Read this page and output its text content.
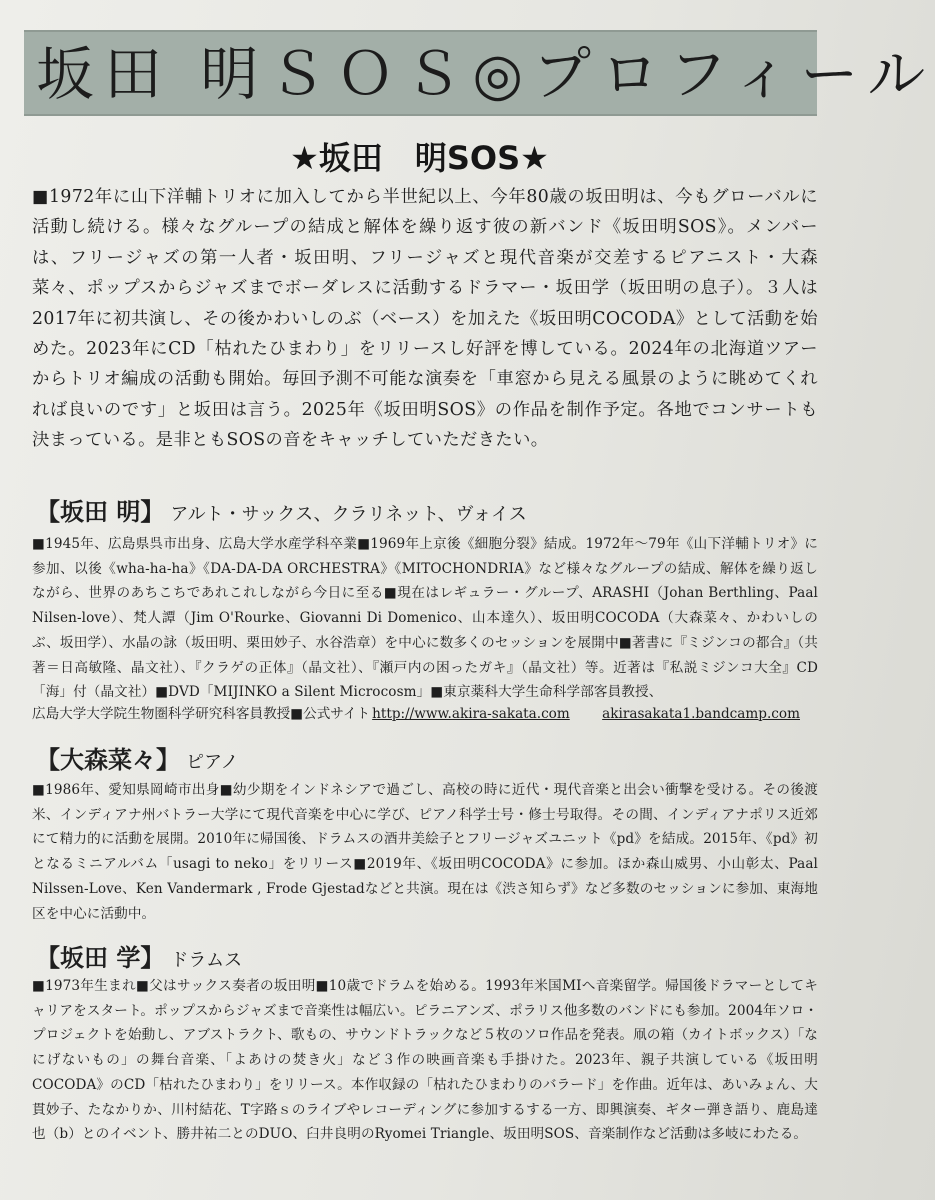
坂田 明ＳＯＳ◎プロフィール
★坂田　明SOS★

■1972年に山下洋輔トリオに加入してから半世紀以上、今年80歳の坂田明は、今もグローバルに活動し続ける。様々なグループの結成と解体を繰り返す彼の新バンド《坂田明SOS》。メンバーは、フリージャズの第一人者・坂田明、フリージャズと現代音楽が交差するピアニスト・大森菜々、ポップスからジャズまでボーダレスに活動するドラマー・坂田学（坂田明の息子）。３人は2017年に初共演し、その後かわいしのぶ（ベース）を加えた《坂田明COCODA》として活動を始めた。2023年にCD「枯れたひまわり」をリリースし好評を博している。2024年の北海道ツアーからトリオ編成の活動も開始。毎回予測不可能な演奏を「車窓から見える風景のように眺めてくれれば良いのです」と坂田は言う。2025年《坂田明SOS》の作品を制作予定。各地でコンサートも決まっている。是非ともSOSの音をキャッチしていただきたい。

【坂田 明】 アルト・サックス、クラリネット、ヴォイス

■1945年、広島県呉市出身、広島大学水産学科卒業■1969年上京後《細胞分裂》結成。1972年～79年《山下洋輔トリオ》に参加、以後《wha-ha-ha》《DA-DA-DA ORCHESTRA》《MITOCHONDRIA》など様々なグループの結成、解体を繰り返しながら、世界のあちこちであれこれしながら今日に至る■現在はレギュラー・グループ、ARASHI（Johan Berthling、Paal Nilsen-love）、梵人譚（Jim O'Rourke、Giovanni Di Domenico、山本達久）、坂田明COCODA（大森菜々、かわいしのぶ、坂田学）、水晶の詠（坂田明、栗田妙子、水谷浩章）を中心に数多くのセッションを展開中■著書に『ミジンコの都合』（共著＝日高敏隆、晶文社）、『クラゲの正体』（晶文社）、『瀬戸内の困ったガキ』（晶文社）等。近著は『私説ミジンコ大全』CD「海」付（晶文社）■DVD「MIJINKO a Silent Microcosm」■東京薬科大学生命科学部客員教授、

広島大学大学院生物圏科学研究科客員教授■公式サイト http://www.akira-sakata.com akirasakata1.bandcamp.com
【大森菜々】 ピアノ

■1986年、愛知県岡崎市出身■幼少期をインドネシアで過ごし、高校の時に近代・現代音楽と出会い衝撃を受ける。その後渡米、インディアナ州バトラー大学にて現代音楽を中心に学び、ピアノ科学士号・修士号取得。その間、インディアナポリス近郊にて精力的に活動を展開。2010年に帰国後、ドラムスの酒井美絵子とフリージャズユニット《pd》を結成。2015年、《pd》初となるミニアルバム「usagi to neko」をリリース■2019年、《坂田明COCODA》に参加。ほか森山威男、小山彰太、Paal Nilssen-Love、Ken Vandermark , Frode Gjestadなどと共演。現在は《渋さ知らず》など多数のセッションに参加、東海地区を中心に活動中。

【坂田 学】 ドラムス

■1973年生まれ■父はサックス奏者の坂田明■10歳でドラムを始める。1993年米国MIへ音楽留学。帰国後ドラマーとしてキャリアをスタート。ポップスからジャズまで音楽性は幅広い。ピラニアンズ、ポラリス他多数のバンドにも参加。2004年ソロ・プロジェクトを始動し、アブストラクト、歌もの、サウンドトラックなど５枚のソロ作品を発表。凧の箱（カイトボックス）「なにげないもの」の舞台音楽、「よあけの焚き火」など３作の映画音楽も手掛けた。2023年、親子共演している《坂田明COCODA》のCD「枯れたひまわり」をリリース。本作収録の「枯れたひまわりのバラード」を作曲。近年は、あいみょん、大貫妙子、たなかりか、川村結花、T字路ｓのライブやレコーディングに参加するする一方、即興演奏、ギター弾き語り、鹿島達也（b）とのイベント、勝井祐二とのDUO、臼井良明のRyomei Triangle、坂田明SOS、音楽制作など活動は多岐にわたる。
